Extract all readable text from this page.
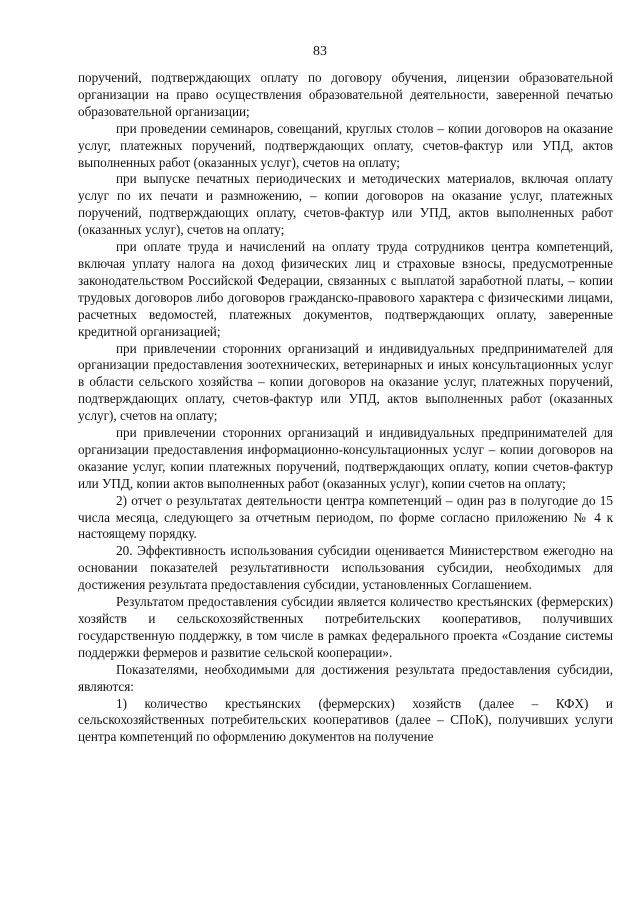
83

поручений, подтверждающих оплату по договору обучения, лицензии образовательной организации на право осуществления образовательной деятельности, заверенной печатью образовательной организации;

при проведении семинаров, совещаний, круглых столов – копии договоров на оказание услуг, платежных поручений, подтверждающих оплату, счетов-фактур или УПД, актов выполненных работ (оказанных услуг), счетов на оплату;

при выпуске печатных периодических и методических материалов, включая оплату услуг по их печати и размножению, – копии договоров на оказание услуг, платежных поручений, подтверждающих оплату, счетов-фактур или УПД, актов выполненных работ (оказанных услуг), счетов на оплату;

при оплате труда и начислений на оплату труда сотрудников центра компетенций, включая уплату налога на доход физических лиц и страховые взносы, предусмотренные законодательством Российской Федерации, связанных с выплатой заработной платы, – копии трудовых договоров либо договоров гражданско-правового характера с физическими лицами, расчетных ведомостей, платежных документов, подтверждающих оплату, заверенные кредитной организацией;

при привлечении сторонних организаций и индивидуальных предпринимателей для организации предоставления зоотехнических, ветеринарных и иных консультационных услуг в области сельского хозяйства – копии договоров на оказание услуг, платежных поручений, подтверждающих оплату, счетов-фактур или УПД, актов выполненных работ (оказанных услуг), счетов на оплату;

при привлечении сторонних организаций и индивидуальных предпринимателей для организации предоставления информационно-консультационных услуг – копии договоров на оказание услуг, копии платежных поручений, подтверждающих оплату, копии счетов-фактур или УПД, копии актов выполненных работ (оказанных услуг), копии счетов на оплату;

2) отчет о результатах деятельности центра компетенций – один раз в полугодие до 15 числа месяца, следующего за отчетным периодом, по форме согласно приложению № 4 к настоящему порядку.

20. Эффективность использования субсидии оценивается Министерством ежегодно на основании показателей результативности использования субсидии, необходимых для достижения результата предоставления субсидии, установленных Соглашением.

Результатом предоставления субсидии является количество крестьянских (фермерских) хозяйств и сельскохозяйственных потребительских кооперативов, получивших государственную поддержку, в том числе в рамках федерального проекта «Создание системы поддержки фермеров и развитие сельской кооперации».

Показателями, необходимыми для достижения результата предоставления субсидии, являются:

1) количество крестьянских (фермерских) хозяйств (далее – КФХ) и сельскохозяйственных потребительских кооперативов (далее – СПоК), получивших услуги центра компетенций по оформлению документов на получение
